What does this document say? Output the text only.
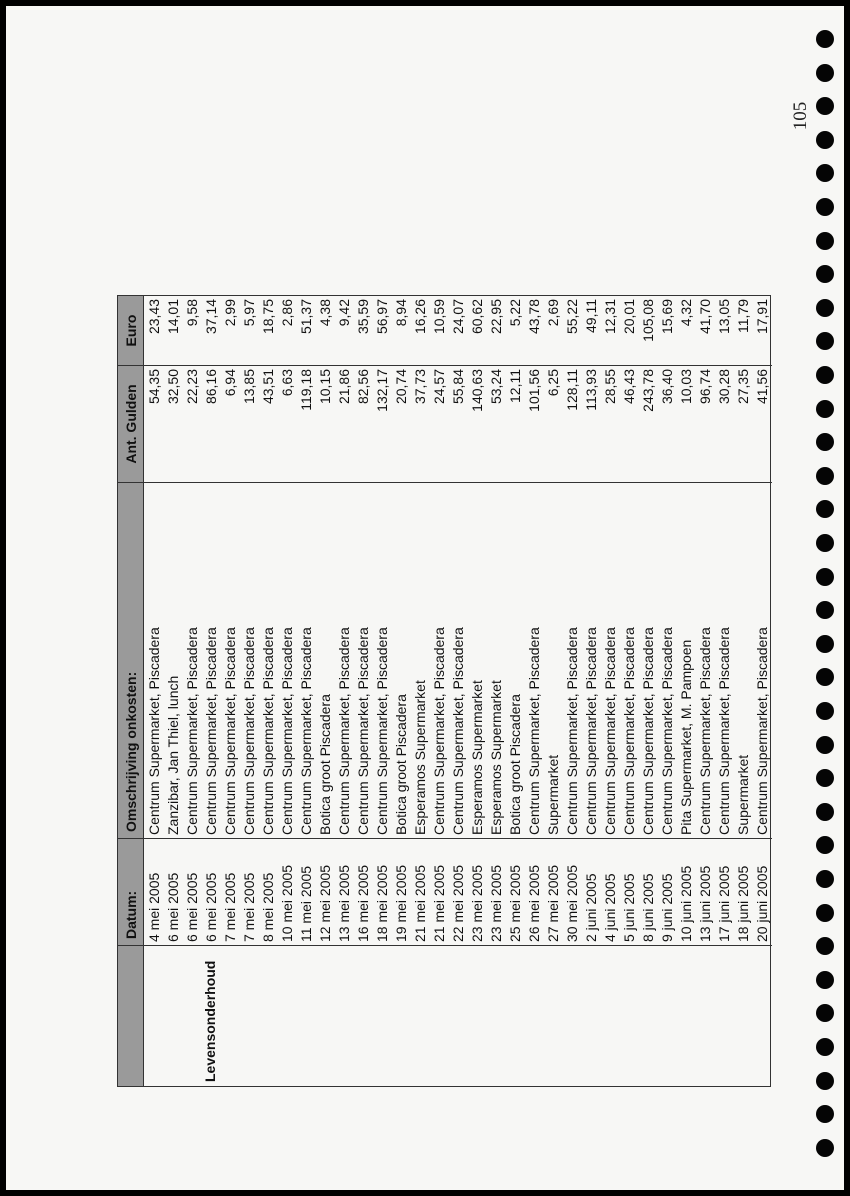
105
Datum:
Omschrijving onkosten:
Ant. Gulden
Euro
Levensonderhoud
4 mei 2005 6 mei 2005 6 mei 2005 6 mei 2005 7 mei 2005 7 mei 2005 8 mei 2005 10 mei 2005 11 mei 2005 12 mei 2005 13 mei 2005 16 mei 2005 18 mei 2005 19 mei 2005 21 mei 2005 21 mei 2005 22 mei 2005 23 mei 2005 23 mei 2005 25 mei 2005 26 mei 2005 27 mei 2005 30 mei 2005 2 juni 2005 4 juni 2005 5 juni 2005 8 juni 2005 9 juni 2005 10 juni 2005 13 juni 2005 17 juni 2005 18 juni 2005 20 juni 2005
Centrum Supermarket, Piscadera Zanzibar, Jan Thiel, lunch Centrum Supermarket, Piscadera Centrum Supermarket, Piscadera Centrum Supermarket, Piscadera Centrum Supermarket, Piscadera Centrum Supermarket, Piscadera Centrum Supermarket, Piscadera Centrum Supermarket, Piscadera Botica groot Piscadera Centrum Supermarket, Piscadera Centrum Supermarket, Piscadera Centrum Supermarket, Piscadera Botica groot Piscadera Esperamos Supermarket Centrum Supermarket, Piscadera Centrum Supermarket, Piscadera Esperamos Supermarket Esperamos Supermarket Botica groot Piscadera Centrum Supermarket, Piscadera Supermarket Centrum Supermarket, Piscadera Centrum Supermarket, Piscadera Centrum Supermarket, Piscadera Centrum Supermarket, Piscadera Centrum Supermarket, Piscadera Centrum Supermarket, Piscadera Pita Supermarket, M. Pampoen Centrum Supermarket, Piscadera Centrum Supermarket, Piscadera Supermarket Centrum Supermarket, Piscadera
54,35 32,50 22,23 86,16 6,94 13,85 43,51 6,63 119,18 10,15 21,86 82,56 132,17 20,74 37,73 24,57 55,84 140,63 53,24 12,11 101,56 6,25 128,11 113,93 28,55 46,43 243,78 36,40 10,03 96,74 30,28 27,35 41,56
23,43 14,01 9,58 37,14 2,99 5,97 18,75 2,86 51,37 4,38 9,42 35,59 56,97 8,94 16,26 10,59 24,07 60,62 22,95 5,22 43,78 2,69 55,22 49,11 12,31 20,01 105,08 15,69 4,32 41,70 13,05 11,79 17,91
